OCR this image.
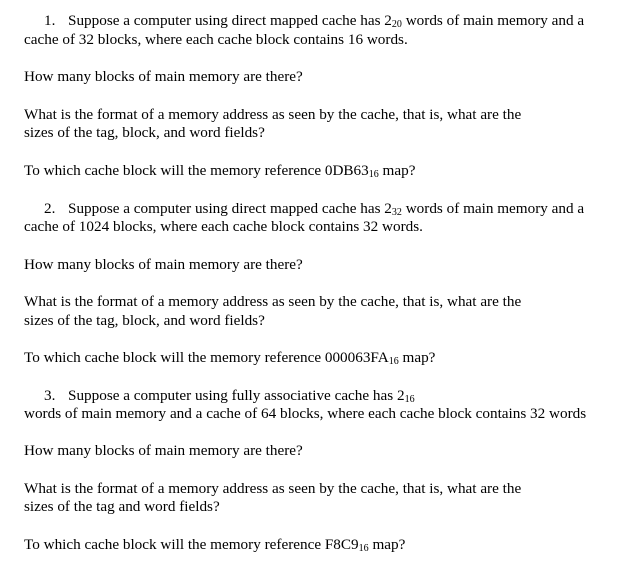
1. Suppose a computer using direct mapped cache has 220 words of main memory and a

cache of 32 blocks, where each cache block contains 16 words.

How many blocks of main memory are there?

What is the format of a memory address as seen by the cache, that is, what are the

sizes of the tag, block, and word fields?

To which cache block will the memory reference 0DB6316 map?

2. Suppose a computer using direct mapped cache has 232 words of main memory and a

cache of 1024 blocks, where each cache block contains 32 words.

How many blocks of main memory are there?

What is the format of a memory address as seen by the cache, that is, what are the

sizes of the tag, block, and word fields?

To which cache block will the memory reference 000063FA16 map?

3. Suppose a computer using fully associative cache has 216

words of main memory and a cache of 64 blocks, where each cache block contains 32 words

How many blocks of main memory are there?

What is the format of a memory address as seen by the cache, that is, what are the

sizes of the tag and word fields?

To which cache block will the memory reference F8C916 map?
